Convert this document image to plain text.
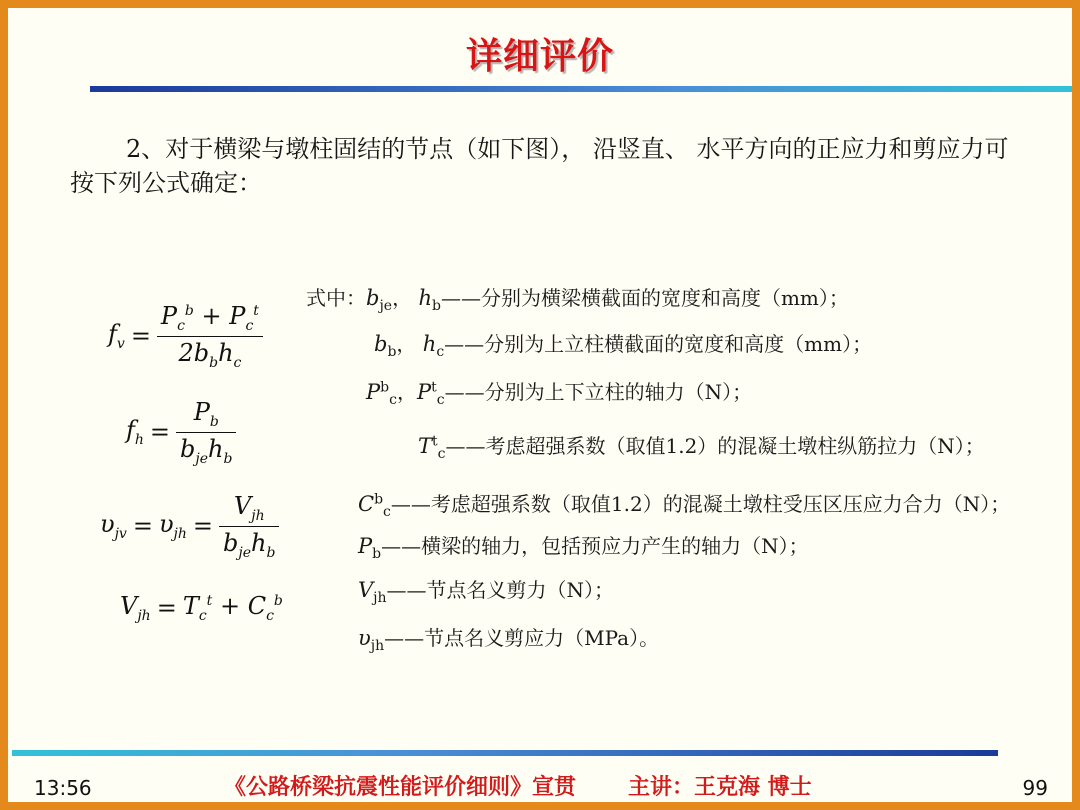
详细评价
2、对于横梁与墩柱固结的节点（如下图）， 沿竖直、 水平方向的正应力和剪应力可按下列公式确定：
$f_v = \frac{P_c^b + P_c^t}{2b_bh_c}$
$f_h = \frac{P_b}{b_{je}h_b}$
$\upsilon_{jv} = \upsilon_{jh} = \frac{V_{jh}}{b_{je}h_b}$
$V_{jh} = T_c^t + C_c^b$
式中：$b_{je}$， $h_b——$分别为横梁横截面的宽度和高度（mm）；
$b_b$， $h_c——$分别为上立柱横截面的宽度和高度（mm）；
$P^b_c$，$P^t_c——$分别为上下立柱的轴力（N）；
$T^t_c——$考虑超强系数（取值1.2）的混凝土墩柱纵筋拉力（N）；
$C^b_c——$考虑超强系数（取值1.2）的混凝土墩柱受压区压应力合力（N）；
$P_b——$横梁的轴力，包括预应力产生的轴力（N）；
$V_{jh}——$节点名义剪力（N）；
$\upsilon_{jh}——$节点名义剪应力（MPa）。
13:56	《公路桥梁抗震性能评价细则》宣贯 主讲：王克海 博士	99
